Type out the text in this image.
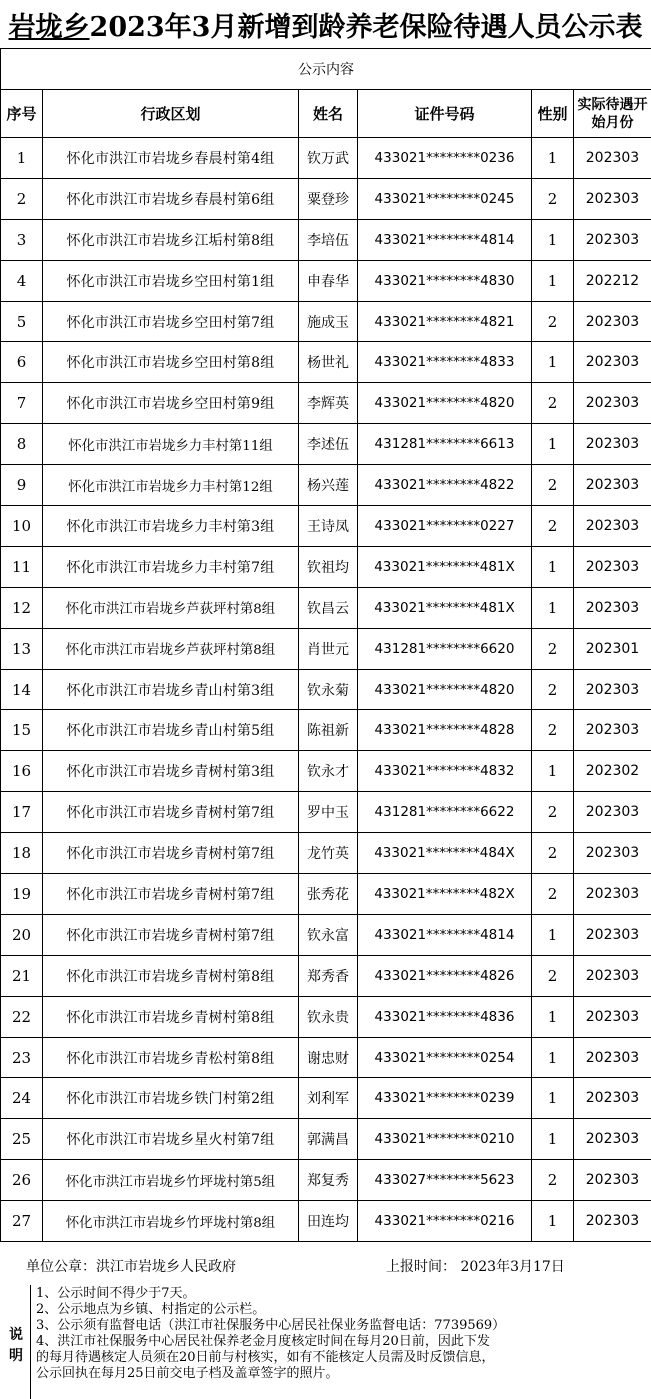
岩垅乡2023年3月新增到龄养老保险待遇人员公示表
公示内容					
序号	行政区划	姓名	证件号码	性别	实际待遇开始月份
1	怀化市洪江市岩垅乡春晨村第4组	钦万武	433021********0236	1	202303
2	怀化市洪江市岩垅乡春晨村第6组	粟登珍	433021********0245	2	202303
3	怀化市洪江市岩垅乡江垢村第8组	李培伍	433021********4814	1	202303
4	怀化市洪江市岩垅乡空田村第1组	申春华	433021********4830	1	202212
5	怀化市洪江市岩垅乡空田村第7组	施成玉	433021********4821	2	202303
6	怀化市洪江市岩垅乡空田村第8组	杨世礼	433021********4833	1	202303
7	怀化市洪江市岩垅乡空田村第9组	李辉英	433021********4820	2	202303
8	怀化市洪江市岩垅乡力丰村第11组	李述伍	431281********6613	1	202303
9	怀化市洪江市岩垅乡力丰村第12组	杨兴莲	433021********4822	2	202303
10	怀化市洪江市岩垅乡力丰村第3组	王诗凤	433021********0227	2	202303
11	怀化市洪江市岩垅乡力丰村第7组	钦祖均	433021********481X	1	202303
12	怀化市洪江市岩垅乡芦荻坪村第8组	钦昌云	433021********481X	1	202303
13	怀化市洪江市岩垅乡芦荻坪村第8组	肖世元	431281********6620	2	202301
14	怀化市洪江市岩垅乡青山村第3组	钦永菊	433021********4820	2	202303
15	怀化市洪江市岩垅乡青山村第5组	陈祖新	433021********4828	2	202303
16	怀化市洪江市岩垅乡青树村第3组	钦永才	433021********4832	1	202302
17	怀化市洪江市岩垅乡青树村第7组	罗中玉	431281********6622	2	202303
18	怀化市洪江市岩垅乡青树村第7组	龙竹英	433021********484X	2	202303
19	怀化市洪江市岩垅乡青树村第7组	张秀花	433021********482X	2	202303
20	怀化市洪江市岩垅乡青树村第7组	钦永富	433021********4814	1	202303
21	怀化市洪江市岩垅乡青树村第8组	郑秀香	433021********4826	2	202303
22	怀化市洪江市岩垅乡青树村第8组	钦永贵	433021********4836	1	202303
23	怀化市洪江市岩垅乡青松村第8组	谢忠财	433021********0254	1	202303
24	怀化市洪江市岩垅乡铁门村第2组	刘利军	433021********0239	1	202303
25	怀化市洪江市岩垅乡星火村第7组	郭满昌	433021********0210	1	202303
26	怀化市洪江市岩垅乡竹坪垅村第5组	郑复秀	433027********5623	2	202303
27	怀化市洪江市岩垅乡竹坪垅村第8组	田连均	433021********0216	1	202303
单位公章：洪江市岩垅乡人民政府	上报时间： 2023年3月17日
说明
1、公示时间不得少于7天。
2、公示地点为乡镇、村指定的公示栏。
3、公示须有监督电话（洪江市社保服务中心居民社保业务监督电话：7739569）
4、洪江市社保服务中心居民社保养老金月度核定时间在每月20日前，因此下发
的每月待遇核定人员须在20日前与村核实，如有不能核定人员需及时反馈信息，
公示回执在每月25日前交电子档及盖章签字的照片。
